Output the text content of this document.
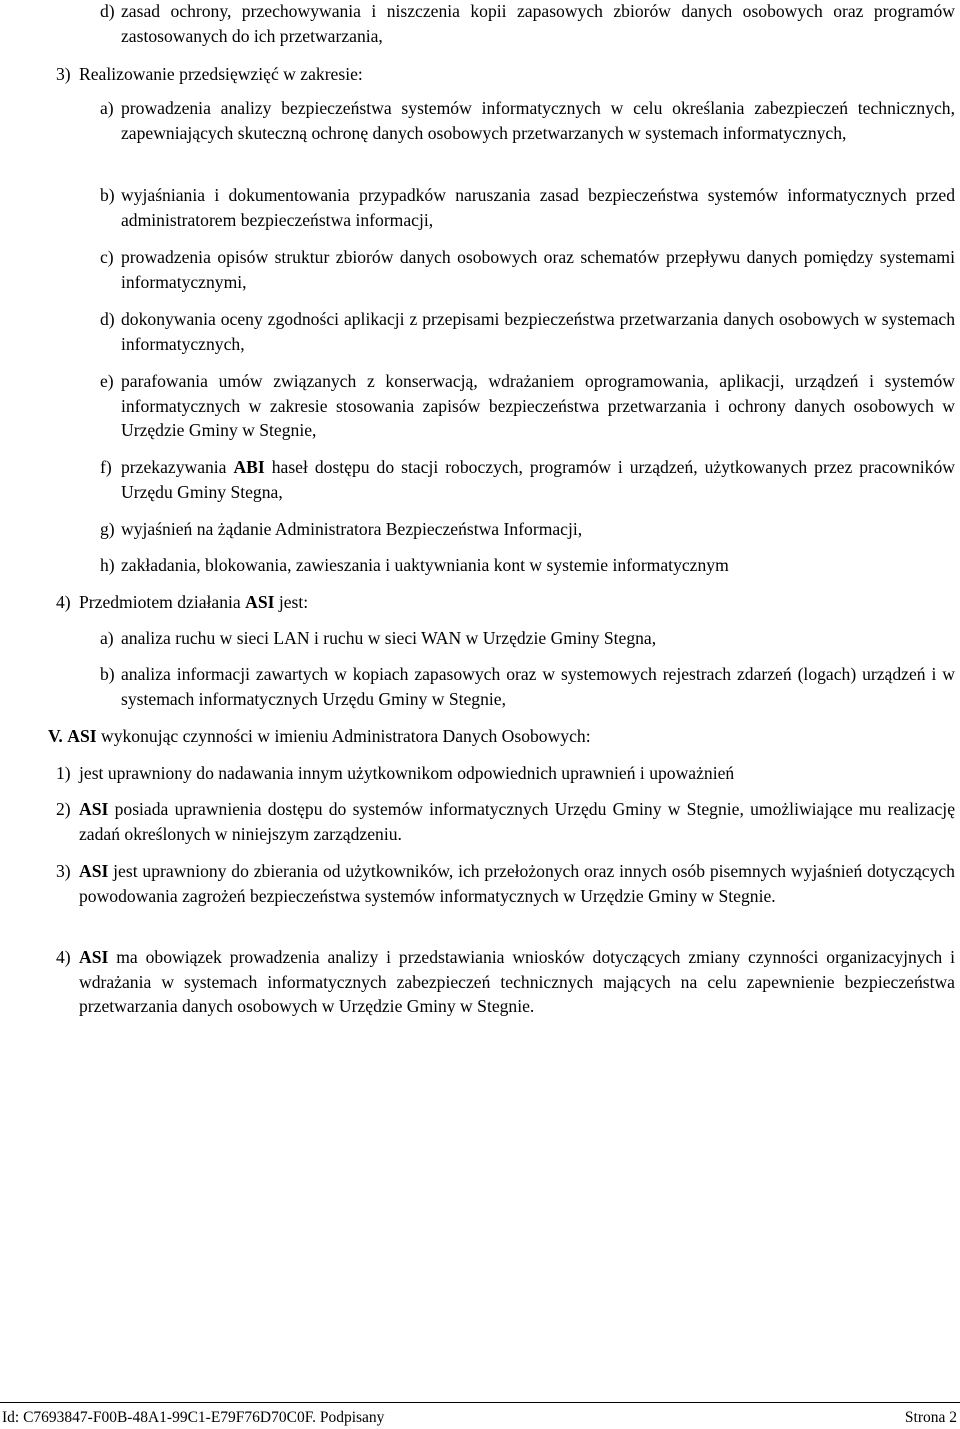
d) zasad ochrony, przechowywania i niszczenia kopii zapasowych zbiorów danych osobowych oraz programów zastosowanych do ich przetwarzania,
3) Realizowanie przedsięwzięć w zakresie:
a) prowadzenia analizy bezpieczeństwa systemów informatycznych w celu określania zabezpieczeń technicznych, zapewniających skuteczną ochronę danych osobowych przetwarzanych w systemach informatycznych,
b) wyjaśniania i dokumentowania przypadków naruszania zasad bezpieczeństwa systemów informatycznych przed administratorem bezpieczeństwa informacji,
c) prowadzenia opisów struktur zbiorów danych osobowych oraz schematów przepływu danych pomiędzy systemami informatycznymi,
d) dokonywania oceny zgodności aplikacji z przepisami bezpieczeństwa przetwarzania danych osobowych w systemach informatycznych,
e) parafowania umów związanych z konserwacją, wdrażaniem oprogramowania, aplikacji, urządzeń i systemów informatycznych w zakresie stosowania zapisów bezpieczeństwa przetwarzania i ochrony danych osobowych w Urzędzie Gminy w Stegnie,
f) przekazywania ABI haseł dostępu do stacji roboczych, programów i urządzeń, użytkowanych przez pracowników Urzędu Gminy Stegna,
g) wyjaśnień na żądanie Administratora Bezpieczeństwa Informacji,
h) zakładania, blokowania, zawieszania i uaktywniania kont w systemie informatycznym
4) Przedmiotem działania ASI jest:
a) analiza ruchu w sieci LAN i ruchu w sieci WAN w Urzędzie Gminy Stegna,
b) analiza informacji zawartych w kopiach zapasowych oraz w systemowych rejestrach zdarzeń (logach) urządzeń i w systemach informatycznych Urzędu Gminy w Stegnie,
V. ASI wykonując czynności w imieniu Administratora Danych Osobowych:
1) jest uprawniony do nadawania innym użytkownikom odpowiednich uprawnień i upoważnień
2) ASI posiada uprawnienia dostępu do systemów informatycznych Urzędu Gminy w Stegnie, umożliwiające mu realizację zadań określonych w niniejszym zarządzeniu.
3) ASI jest uprawniony do zbierania od użytkowników, ich przełożonych oraz innych osób pisemnych wyjaśnień dotyczących powodowania zagrożeń bezpieczeństwa systemów informatycznych w Urzędzie Gminy w Stegnie.
4) ASI ma obowiązek prowadzenia analizy i przedstawiania wniosków dotyczących zmiany czynności organizacyjnych i wdrażania w systemach informatycznych zabezpieczeń technicznych mających na celu zapewnienie bezpieczeństwa przetwarzania danych osobowych w Urzędzie Gminy w Stegnie.
Id: C7693847-F00B-48A1-99C1-E79F76D70C0F. Podpisany	Strona 2
